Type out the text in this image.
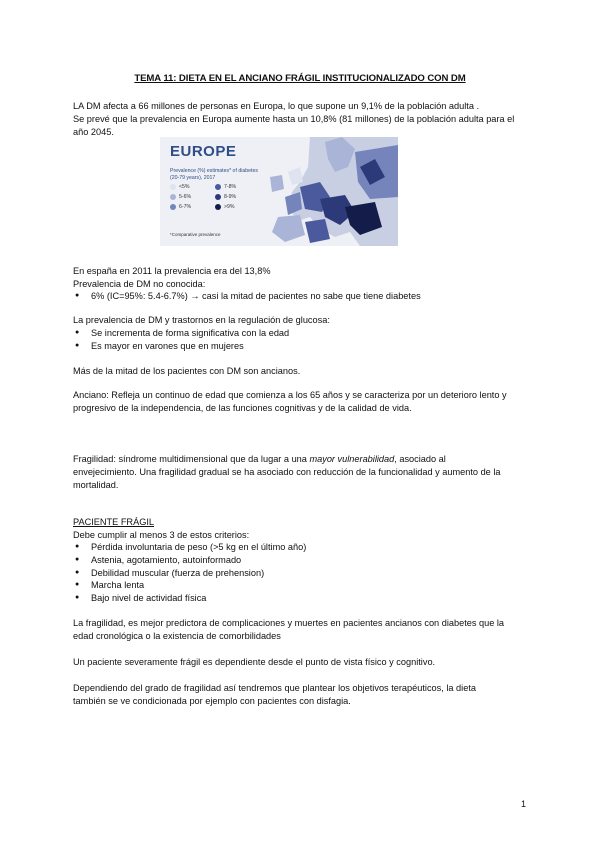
TEMA 11: DIETA EN EL ANCIANO FRÁGIL INSTITUCIONALIZADO CON DM
LA DM afecta a 66 millones de personas en Europa, lo que supone un 9,1% de la población adulta .
Se prevé que la prevalencia en Europa aumente hasta un 10,8% (81 millones) de la población adulta para el año 2045.
EUROPE
Prevalence (%) estimates* of diabetes
(20-79 years), 2017
<5%
5-6%
6-7%
7-8%
8-9%
>9%
*Comparative prevalence
En españa en 2011 la prevalencia era del 13,8%
Prevalencia de DM no conocida:
● 6% (IC=95%: 5.4-6.7%) → casi la mitad de pacientes no sabe que tiene diabetes
La prevalencia de DM y trastornos en la regulación de glucosa:
● Se incrementa de forma significativa con la edad
● Es mayor en varones que en mujeres
Más de la mitad de los pacientes con DM son ancianos.
Anciano: Refleja un continuo de edad que comienza a los 65 años y se caracteriza por un deterioro lento y
progresivo de la independencia, de las funciones cognitivas y de la calidad de vida.
Fragilidad: síndrome multidimensional que da lugar a una mayor vulnerabilidad, asociado al
envejecimiento. Una fragilidad gradual se ha asociado con reducción de la funcionalidad y aumento de la
mortalidad.
PACIENTE FRÁGIL
Debe cumplir al menos 3 de estos criterios:
● Pérdida involuntaria de peso (>5 kg en el último año)
● Astenia, agotamiento, autoinformado
● Debilidad muscular (fuerza de prehension)
● Marcha lenta
● Bajo nivel de actividad física
La fragilidad, es mejor predictora de complicaciones y muertes en pacientes ancianos con diabetes que la
edad cronológica o la existencia de comorbilidades
Un paciente severamente frágil es dependiente desde el punto de vista físico y cognitivo.
Dependiendo del grado de fragilidad así tendremos que plantear los objetivos terapéuticos, la dieta
también se ve condicionada por ejemplo con pacientes con disfagia.
1
